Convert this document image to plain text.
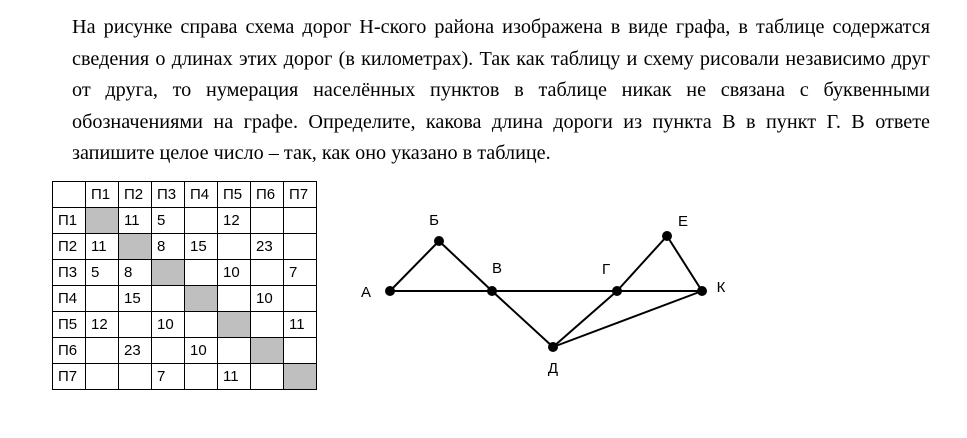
На рисунке справа схема дорог Н-ского района изображена в виде графа, в таблице содержатся сведения о длинах этих дорог (в километрах). Так как таблицу и схему рисовали независимо друг от друга, то нумерация населённых пунктов в таблице никак не связана с буквенными обозначениями на графе. Определите, какова длина дороги из пункта В в пункт Г. В ответе запишите целое число – так, как оно указано в таблице.

	П1	П2	П3	П4	П5	П6	П7
П1		11	5		12		
П2	11		8	15		23	
П3	5	8			10		7
П4		15				10	
П5	12		10				11
П6		23		10			
П7			7		11		
А
Б
В	Г
Е
К
Д
